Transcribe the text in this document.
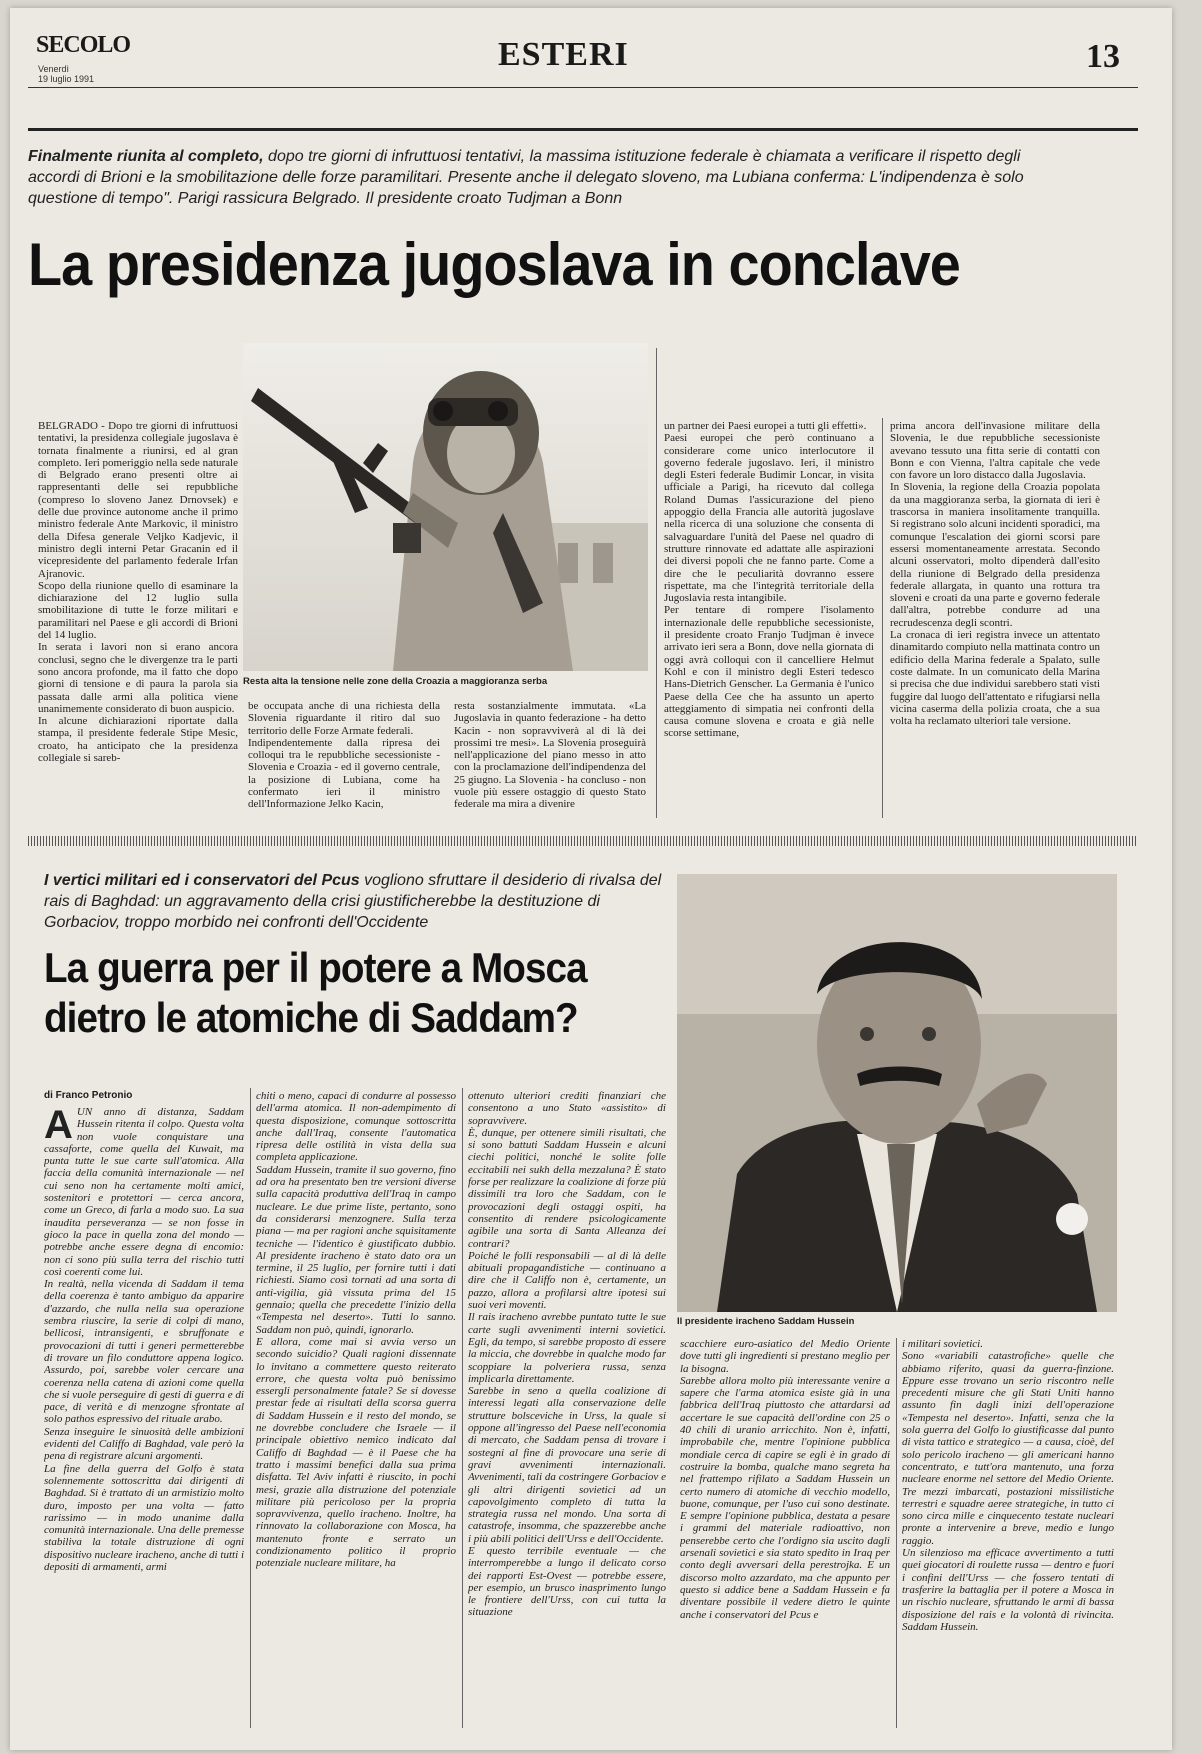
SECOLO
Venerdì
19 luglio 1991
ESTERI	13
Finalmente riunita al completo, dopo tre giorni di infruttuosi tentativi, la massima istituzione federale è chiamata a verificare il rispetto degli accordi di Brioni e la smobilitazione delle forze paramilitari. Presente anche il delegato sloveno, ma Lubiana conferma: L'indipendenza è solo questione di tempo". Parigi rassicura Belgrado. Il presidente croato Tudjman a Bonn
La presidenza jugoslava in conclave
Resta alta la tensione nelle zone della Croazia a maggioranza serba
BELGRADO - Dopo tre giorni di infruttuosi tentativi, la presidenza collegiale jugoslava è tornata finalmente a riunirsi, ed al gran completo. Ieri pomeriggio nella sede naturale di Belgrado erano presenti oltre ai rappresentanti delle sei repubbliche (compreso lo sloveno Janez Drnovsek) e delle due province autonome anche il primo ministro federale Ante Markovic, il ministro della Difesa generale Veljko Kadjevic, il ministro degli interni Petar Gracanin ed il vicepresidente del parlamento federale Irfan Ajranovic.
Scopo della riunione quello di esaminare la dichiarazione del 12 luglio sulla smobilitazione di tutte le forze militari e paramilitari nel Paese e gli accordi di Brioni del 14 luglio.
In serata i lavori non si erano ancora conclusi, segno che le divergenze tra le parti sono ancora profonde, ma il fatto che dopo giorni di tensione e di paura la parola sia passata dalle armi alla politica viene unanimemente considerato di buon auspicio.
In alcune dichiarazioni riportate dalla stampa, il presidente federale Stipe Mesic, croato, ha anticipato che la presidenza collegiale si sareb-
be occupata anche di una richiesta della Slovenia riguardante il ritiro dal suo territorio delle Forze Armate federali.
Indipendentemente dalla ripresa dei colloqui tra le repubbliche secessioniste - Slovenia e Croazia - ed il governo centrale, la posizione di Lubiana, come ha confermato ieri il ministro dell'Informazione Jelko Kacin,
resta sostanzialmente immutata. «La Jugoslavia in quanto federazione - ha detto Kacin - non sopravviverà al di là dei prossimi tre mesi». La Slovenia proseguirà nell'applicazione del piano messo in atto con la proclamazione dell'indipendenza del 25 giugno. La Slovenia - ha concluso - non vuole più essere ostaggio di questo Stato federale ma mira a divenire
un partner dei Paesi europei a tutti gli effetti».
Paesi europei che però continuano a considerare come unico interlocutore il governo federale jugoslavo. Ieri, il ministro degli Esteri federale Budimir Loncar, in visita ufficiale a Parigi, ha ricevuto dal collega Roland Dumas l'assicurazione del pieno appoggio della Francia alle autorità jugoslave nella ricerca di una soluzione che consenta di salvaguardare l'unità del Paese nel quadro di strutture rinnovate ed adattate alle aspirazioni dei diversi popoli che ne fanno parte. Come a dire che le peculiarità dovranno essere rispettate, ma che l'integrità territoriale della Jugoslavia resta intangibile.
Per tentare di rompere l'isolamento internazionale delle repubbliche secessioniste, il presidente croato Franjo Tudjman è invece arrivato ieri sera a Bonn, dove nella giornata di oggi avrà colloqui con il cancelliere Helmut Kohl e con il ministro degli Esteri tedesco Hans-Dietrich Genscher. La Germania è l'unico Paese della Cee che ha assunto un aperto atteggiamento di simpatia nei confronti della causa comune slovena e croata e già nelle scorse settimane,
prima ancora dell'invasione militare della Slovenia, le due repubbliche secessioniste avevano tessuto una fitta serie di contatti con Bonn e con Vienna, l'altra capitale che vede con favore un loro distacco dalla Jugoslavia.
In Slovenia, la regione della Croazia popolata da una maggioranza serba, la giornata di ieri è trascorsa in maniera insolitamente tranquilla. Si registrano solo alcuni incidenti sporadici, ma comunque l'escalation dei giorni scorsi pare essersi momentaneamente arrestata. Secondo alcuni osservatori, molto dipenderà dall'esito della riunione di Belgrado della presidenza federale allargata, in quanto una rottura tra sloveni e croati da una parte e governo federale dall'altra, potrebbe condurre ad una recrudescenza degli scontri.
La cronaca di ieri registra invece un attentato dinamitardo compiuto nella mattinata contro un edificio della Marina federale a Spalato, sulle coste dalmate. In un comunicato della Marina si precisa che due individui sarebbero stati visti fuggire dal luogo dell'attentato e rifugiarsi nella vicina caserma della polizia croata, che a sua volta ha reclamato ulteriori tale versione.
I vertici militari ed i conservatori del Pcus vogliono sfruttare il desiderio di rivalsa del rais di Baghdad: un aggravamento della crisi giustificherebbe la destituzione di Gorbaciov, troppo morbido nei confronti dell'Occidente
La guerra per il potere a Mosca
dietro le atomiche di Saddam?
Il presidente iracheno Saddam Hussein
di Franco Petronio
AUN anno di distanza, Saddam Hussein ritenta il colpo. Questa volta non vuole conquistare una cassaforte, come quella del Kuwait, ma punta tutte le sue carte sull'atomica. Alla faccia della comunità internazionale — nel cui seno non ha certamente molti amici, sostenitori e protettori — cerca ancora, come un Greco, di farla a modo suo. La sua inaudita perseveranza — se non fosse in gioco la pace in quella zona del mondo — potrebbe anche essere degna di encomio: non ci sono più sulla terra del rischio tutti così coerenti come lui.
In realtà, nella vicenda di Saddam il tema della coerenza è tanto ambiguo da apparire d'azzardo, che nulla nella sua operazione sembra riuscire, la serie di colpi di mano, bellicosi, intransigenti, e sbruffonate e provocazioni di tutti i generi permetterebbe di trovare un filo conduttore appena logico. Assurdo, poi, sarebbe voler cercare una coerenza nella catena di azioni come quella che si vuole perseguire di gesti di guerra e di pace, di verità e di menzogne sfrontate al solo pathos espressivo del rituale arabo.
Senza inseguire le sinuosità delle ambizioni evidenti del Califfo di Baghdad, vale però la pena di registrare alcuni argomenti.
La fine della guerra del Golfo è stata solennemente sottoscritta dai dirigenti di Baghdad. Si è trattato di un armistizio molto duro, imposto per una volta — fatto rarissimo — in modo unanime dalla comunità internazionale. Una delle premesse stabiliva la totale distruzione di ogni dispositivo nucleare iracheno, anche di tutti i depositi di armamenti, armi
chiti o meno, capaci di condurre al possesso dell'arma atomica. Il non-adempimento di questa disposizione, comunque sottoscritta anche dall'Iraq, consente l'automatica ripresa delle ostilità in vista della sua completa applicazione.
Saddam Hussein, tramite il suo governo, fino ad ora ha presentato ben tre versioni diverse sulla capacità produttiva dell'Iraq in campo nucleare. Le due prime liste, pertanto, sono da considerarsi menzognere. Sulla terza piana — ma per ragioni anche squisitamente tecniche — l'identico è giustificato dubbio. Al presidente iracheno è stato dato ora un termine, il 25 luglio, per fornire tutti i dati richiesti. Siamo così tornati ad una sorta di anti-vigilia, già vissuta prima del 15 gennaio; quella che precedette l'inizio della «Tempesta nel deserto». Tutti lo sanno. Saddam non può, quindi, ignorarlo.
E allora, come mai si avvia verso un secondo suicidio? Quali ragioni dissennate lo invitano a commettere questo reiterato errore, che questa volta può benissimo essergli personalmente fatale? Se si dovesse prestar fede ai risultati della scorsa guerra di Saddam Hussein e il resto del mondo, se ne dovrebbe concludere che Israele — il principale obiettivo nemico indicato dal Califfo di Baghdad — è il Paese che ha tratto i massimi benefici dalla sua prima disfatta. Tel Aviv infatti è riuscito, in pochi mesi, grazie alla distruzione del potenziale militare più pericoloso per la propria sopravvivenza, quello iracheno. Inoltre, ha rinnovato la collaborazione con Mosca, ha mantenuto fronte e serrato un condizionamento politico il proprio potenziale nucleare militare, ha
ottenuto ulteriori crediti finanziari che consentono a uno Stato «assistito» di sopravvivere.
È, dunque, per ottenere simili risultati, che si sono battuti Saddam Hussein e alcuni ciechi politici, nonché le solite folle eccitabili nei sukh della mezzaluna? È stato forse per realizzare la coalizione di forze più dissimili tra loro che Saddam, con le provocazioni degli ostaggi ospiti, ha consentito di rendere psicologicamente agibile una sorta di Santa Alleanza dei contrari?
Poiché le folli responsabili — al di là delle abituali propagandistiche — continuano a dire che il Califfo non è, certamente, un pazzo, allora a profilarsi altre ipotesi sui suoi veri moventi.
Il rais iracheno avrebbe puntato tutte le sue carte sugli avvenimenti interni sovietici. Egli, da tempo, si sarebbe proposto di essere la miccia, che dovrebbe in qualche modo far scoppiare la polveriera russa, senza implicarla direttamente.
Sarebbe in seno a quella coalizione di interessi legati alla conservazione delle strutture bolsceviche in Urss, la quale si oppone all'ingresso del Paese nell'economia di mercato, che Saddam pensa di trovare i sostegni al fine di provocare una serie di gravi avvenimenti internazionali. Avvenimenti, tali da costringere Gorbaciov e gli altri dirigenti sovietici ad un capovolgimento completo di tutta la strategia russa nel mondo. Una sorta di catastrofe, insomma, che spazzerebbe anche i più abili politici dell'Urss e dell'Occidente.
E questo terribile eventuale — che interromperebbe a lungo il delicato corso dei rapporti Est-Ovest — potrebbe essere, per esempio, un brusco inasprimento lungo le frontiere dell'Urss, con cui tutta la situazione
scacchiere euro-asiatico del Medio Oriente dove tutti gli ingredienti si prestano meglio per la bisogna.
Sarebbe allora molto più interessante venire a sapere che l'arma atomica esiste già in una fabbrica dell'Iraq piuttosto che attardarsi ad accertare le sue capacità dell'ordine con 25 o 40 chili di uranio arricchito. Non è, infatti, improbabile che, mentre l'opinione pubblica mondiale cerca di capire se egli è in grado di costruire la bomba, qualche mano segreta ha nel frattempo rifilato a Saddam Hussein un certo numero di atomiche di vecchio modello, buone, comunque, per l'uso cui sono destinate. E sempre l'opinione pubblica, destata a pesare i grammi del materiale radioattivo, non penserebbe certo che l'ordigno sia uscito dagli arsenali sovietici e sia stato spedito in Iraq per conto degli avversari della perestrojka. E un discorso molto azzardato, ma che appunto per questo si addice bene a Saddam Hussein e fa diventare possibile il vedere dietro le quinte anche i conservatori del Pcus e
i militari sovietici.
Sono «variabili catastrofiche» quelle che abbiamo riferito, quasi da guerra-finzione. Eppure esse trovano un serio riscontro nelle precedenti misure che gli Stati Uniti hanno assunto fin dagli inizi dell'operazione «Tempesta nel deserto». Infatti, senza che la sola guerra del Golfo lo giustificasse dal punto di vista tattico e strategico — a causa, cioè, del solo pericolo iracheno — gli americani hanno concentrato, e tutt'ora mantenuto, una forza nucleare enorme nel settore del Medio Oriente. Tre mezzi imbarcati, postazioni missilistiche terrestri e squadre aeree strategiche, in tutto ci sono circa mille e cinquecento testate nucleari pronte a intervenire a breve, medio e lungo raggio.
Un silenzioso ma efficace avvertimento a tutti quei giocatori di roulette russa — dentro e fuori i confini dell'Urss — che fossero tentati di trasferire la battaglia per il potere a Mosca in un rischio nucleare, sfruttando le armi di bassa disposizione del rais e la volontà di rivincita. Saddam Hussein.
